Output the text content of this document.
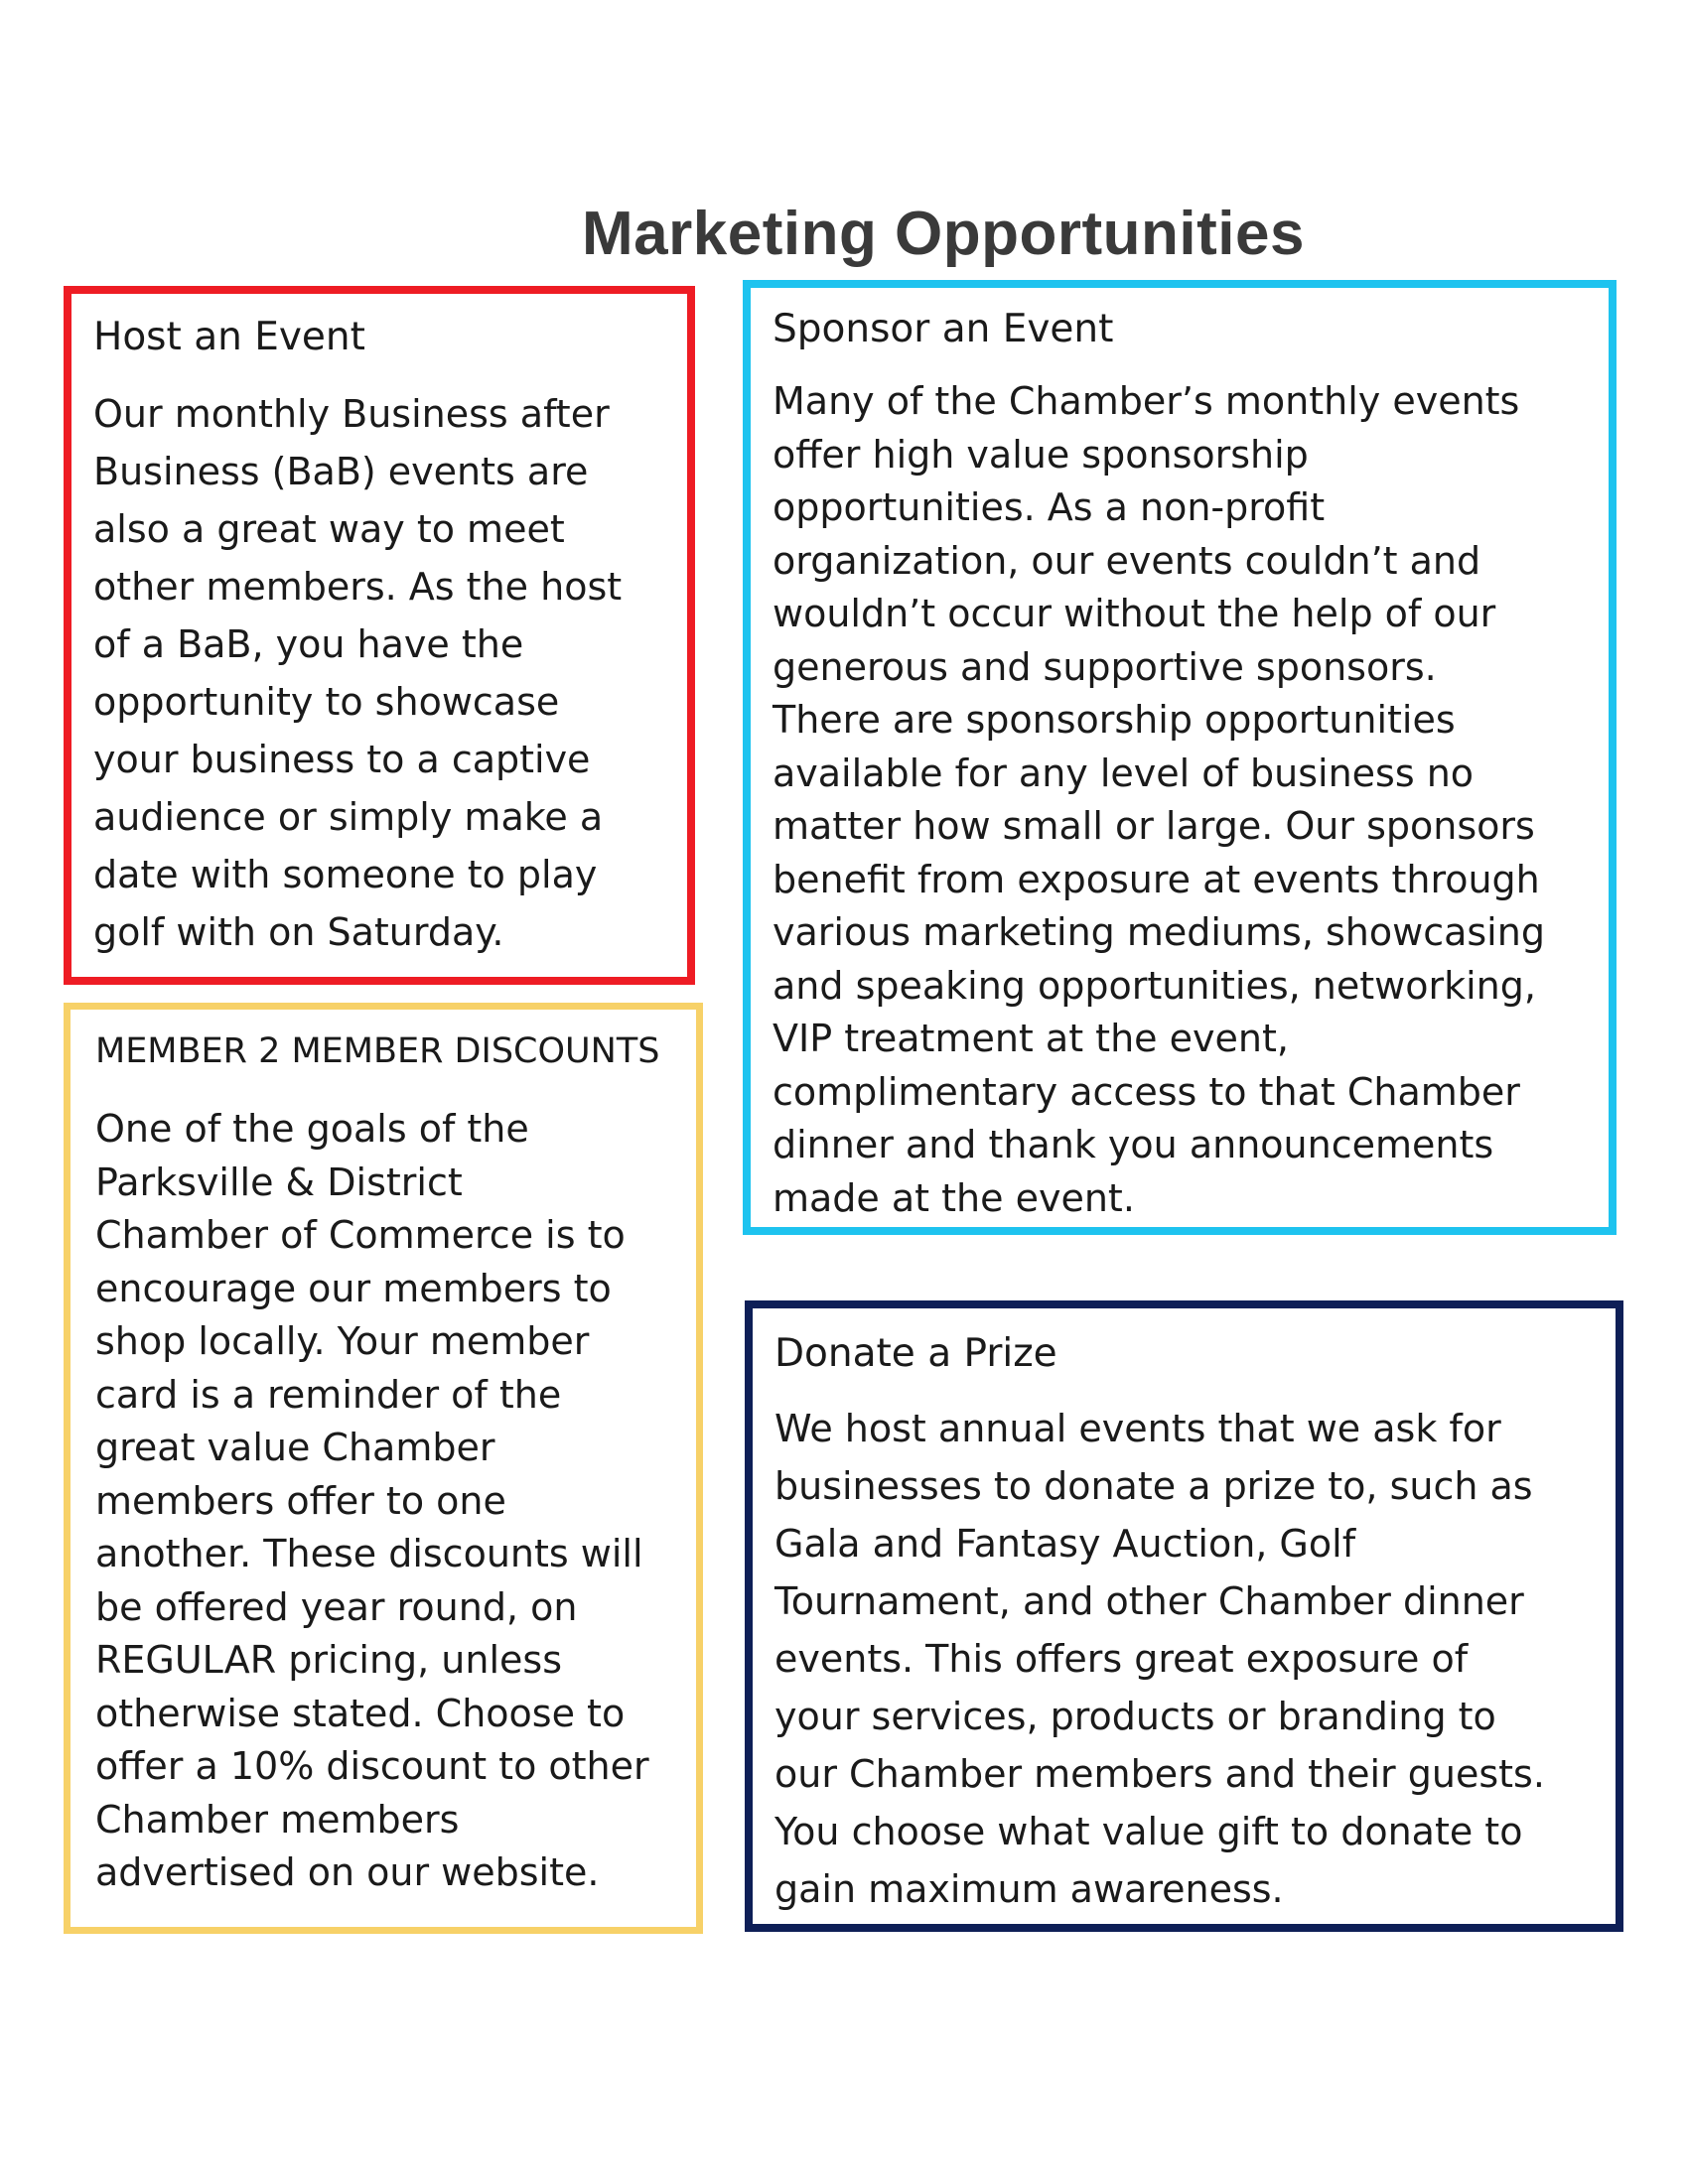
Marketing Opportunities
Host an Event
Our monthly Business after
Business (BaB) events are
also a great way to meet
other members. As the host
of a BaB, you have the
opportunity to showcase
your business to a captive
audience or simply make a
date with someone to play
golf with on Saturday.
Sponsor an Event
Many of the Chamber’s monthly events
offer high value sponsorship
opportunities. As a non-profit
organization, our events couldn’t and
wouldn’t occur without the help of our
generous and supportive sponsors.
There are sponsorship opportunities
available for any level of business no
matter how small or large. Our sponsors
benefit from exposure at events through
various marketing mediums, showcasing
and speaking opportunities, networking,
VIP treatment at the event,
complimentary access to that Chamber
dinner and thank you announcements
made at the event.
MEMBER 2 MEMBER DISCOUNTS
One of the goals of the
Parksville & District
Chamber of Commerce is to
encourage our members to
shop locally. Your member
card is a reminder of the
great value Chamber
members offer to one
another. These discounts will
be offered year round, on
REGULAR pricing, unless
otherwise stated. Choose to
offer a 10% discount to other
Chamber members
advertised on our website.
Donate a Prize
We host annual events that we ask for
businesses to donate a prize to, such as
Gala and Fantasy Auction, Golf
Tournament, and other Chamber dinner
events. This offers great exposure of
your services, products or branding to
our Chamber members and their guests.
You choose what value gift to donate to
gain maximum awareness.
